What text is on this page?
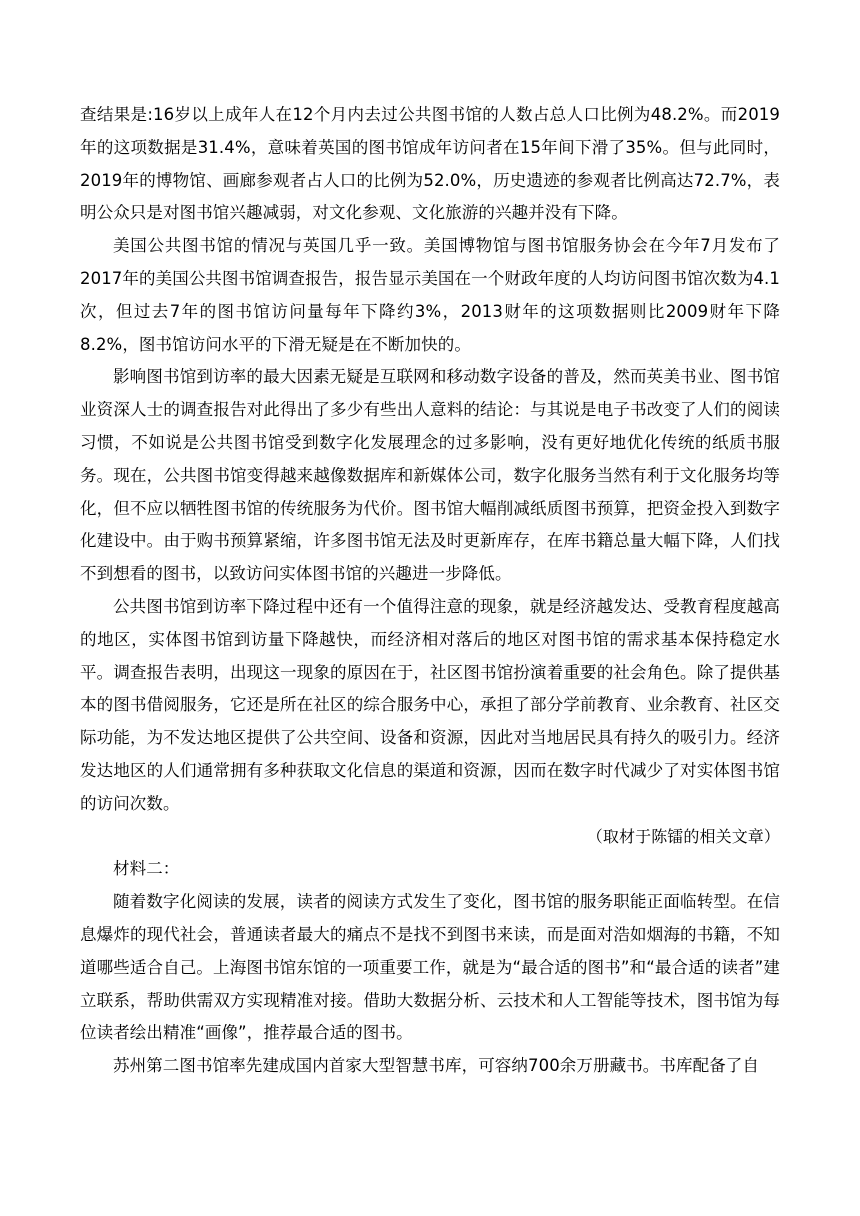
查结果是:16岁以上成年人在12个月内去过公共图书馆的人数占总人口比例为48.2%。而2019年的这项数据是31.4%，意味着英国的图书馆成年访问者在15年间下滑了35%。但与此同时，2019年的博物馆、画廊参观者占人口的比例为52.0%，历史遗迹的参观者比例高达72.7%，表明公众只是对图书馆兴趣减弱，对文化参观、文化旅游的兴趣并没有下降。

美国公共图书馆的情况与英国几乎一致。美国博物馆与图书馆服务协会在今年7月发布了2017年的美国公共图书馆调查报告，报告显示美国在一个财政年度的人均访问图书馆次数为4.1次，但过去7年的图书馆访问量每年下降约3%，2013财年的这项数据则比2009财年下降8.2%，图书馆访问水平的下滑无疑是在不断加快的。

影响图书馆到访率的最大因素无疑是互联网和移动数字设备的普及，然而英美书业、图书馆业资深人士的调查报告对此得出了多少有些出人意料的结论：与其说是电子书改变了人们的阅读习惯，不如说是公共图书馆受到数字化发展理念的过多影响，没有更好地优化传统的纸质书服务。现在，公共图书馆变得越来越像数据库和新媒体公司，数字化服务当然有利于文化服务均等化，但不应以牺牲图书馆的传统服务为代价。图书馆大幅削减纸质图书预算，把资金投入到数字化建设中。由于购书预算紧缩，许多图书馆无法及时更新库存，在库书籍总量大幅下降，人们找不到想看的图书，以致访问实体图书馆的兴趣进一步降低。

公共图书馆到访率下降过程中还有一个值得注意的现象，就是经济越发达、受教育程度越高的地区，实体图书馆到访量下降越快，而经济相对落后的地区对图书馆的需求基本保持稳定水平。调查报告表明，出现这一现象的原因在于，社区图书馆扮演着重要的社会角色。除了提供基本的图书借阅服务，它还是所在社区的综合服务中心，承担了部分学前教育、业余教育、社区交际功能，为不发达地区提供了公共空间、设备和资源，因此对当地居民具有持久的吸引力。经济发达地区的人们通常拥有多种获取文化信息的渠道和资源，因而在数字时代减少了对实体图书馆的访问次数。

（取材于陈镭的相关文章）

材料二：

随着数字化阅读的发展，读者的阅读方式发生了变化，图书馆的服务职能正面临转型。在信息爆炸的现代社会，普通读者最大的痛点不是找不到图书来读，而是面对浩如烟海的书籍，不知道哪些适合自己。上海图书馆东馆的一项重要工作，就是为“最合适的图书”和“最合适的读者”建立联系，帮助供需双方实现精准对接。借助大数据分析、云技术和人工智能等技术，图书馆为每位读者绘出精准“画像”，推荐最合适的图书。

苏州第二图书馆率先建成国内首家大型智慧书库，可容纳700余万册藏书。书库配备了自
